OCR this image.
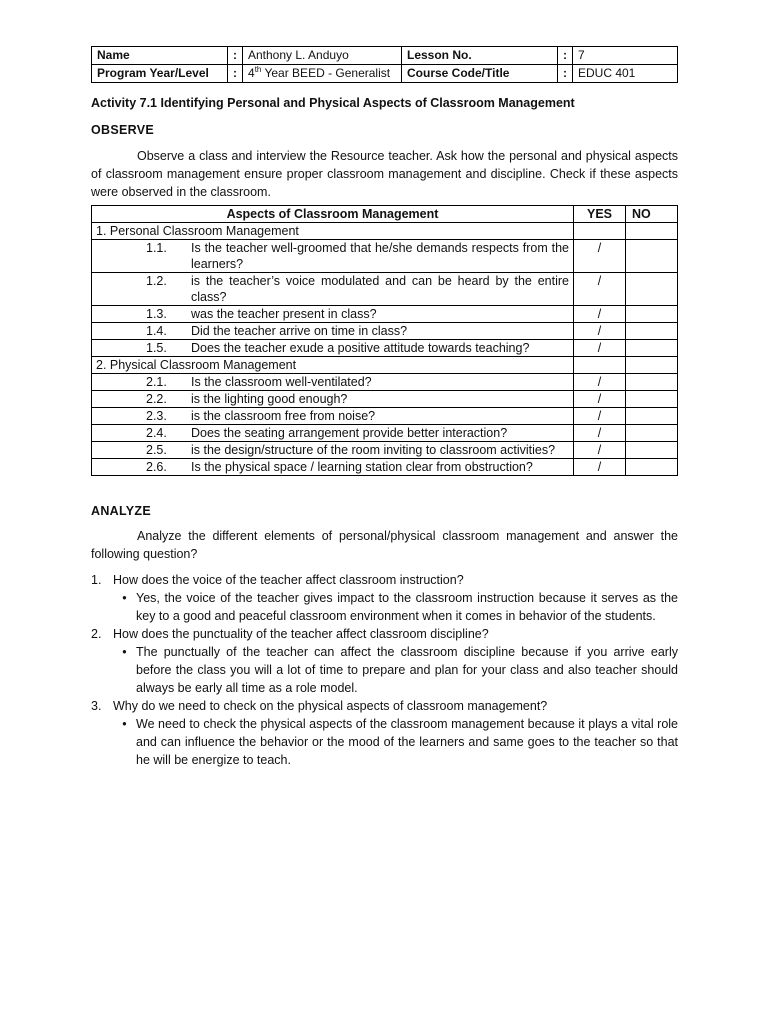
Name	:	Anthony L. Anduyo	Lesson No.	:	7
Program Year/Level	:	4th Year BEED - Generalist	Course Code/Title	:	EDUC 401
Activity 7.1 Identifying Personal and Physical Aspects of Classroom Management
OBSERVE
Observe a class and interview the Resource teacher. Ask how the personal and physical aspects of classroom management ensure proper classroom management and discipline. Check if these aspects were observed in the classroom.
Aspects of Classroom Management	YES	NO
1. Personal Classroom Management		

1.1. Is the teacher well-groomed that he/she demands respects from the learners?	/	

1.2. is the teacher’s voice modulated and can be heard by the entire class?	/	

1.3. was the teacher present in class?	/	

1.4. Did the teacher arrive on time in class?	/	

1.5. Does the teacher exude a positive attitude towards teaching?	/	
2. Physical Classroom Management		

2.1. Is the classroom well-ventilated?	/	

2.2. is the lighting good enough?	/	

2.3. is the classroom free from noise?	/	

2.4. Does the seating arrangement provide better interaction?	/	

2.5. is the design/structure of the room inviting to classroom activities?	/	

2.6. Is the physical space / learning station clear from obstruction?	/	
ANALYZE
Analyze the different elements of personal/physical classroom management and answer the following question?
1. How does the voice of the teacher affect classroom instruction?
• Yes, the voice of the teacher gives impact to the classroom instruction because it serves as the key to a good and peaceful classroom environment when it comes in behavior of the students.
2. How does the punctuality of the teacher affect classroom discipline?
• The punctually of the teacher can affect the classroom discipline because if you arrive early before the class you will a lot of time to prepare and plan for your class and also teacher should always be early all time as a role model.
3. Why do we need to check on the physical aspects of classroom management?
• We need to check the physical aspects of the classroom management because it plays a vital role and can influence the behavior or the mood of the learners and same goes to the teacher so that he will be energize to teach.
